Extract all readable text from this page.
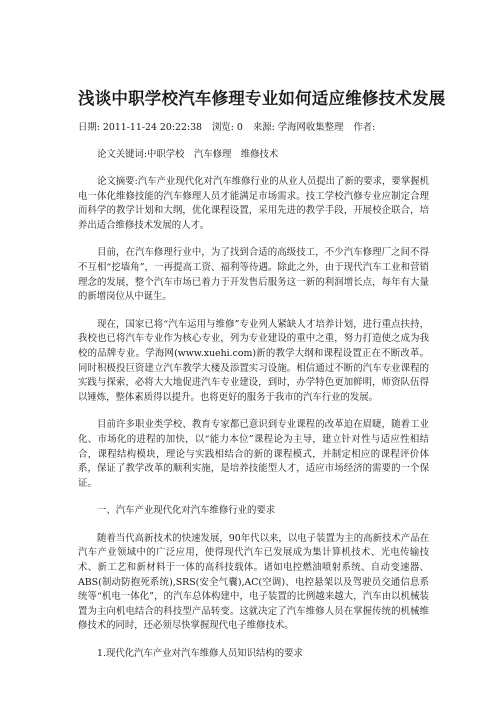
浅谈中职学校汽车修理专业如何适应维修技术发展
日期: 2011-11-24 20:22:38 浏览: 0 来源: 学海网收集整理 作者:
论文关键词:中职学校　汽车修理　维修技术

论文摘要:汽车产业现代化对汽车维修行业的从业人员提出了新的要求，要掌握机电一体化维修技能的汽车修理人员才能满足市场需求。技工学校汽修专业应制定合理而科学的教学计划和大纲，优化课程设置，采用先进的教学手段，开展校企联合，培养出适合维修技术发展的人才。

目前，在汽车修理行业中，为了找到合适的高级技工，不少汽车修理厂之间不得不互相“挖墙角”，一再提高工资、福利等待遇。除此之外，由于现代汽车工业和营销理念的发展，整个汽车市场已着力于开发售后服务这一新的利润增长点，每年有大量的新增岗位从中诞生。

现在，国家已将“汽车运用与维修”专业列人紧缺人才培养计划，进行重点扶持，我校也已将汽车专业作为核心专业，列为专业建设的重中之重，努力打造使之成为我校的品牌专业。学海网(www.xuehi.com)新的教学大纲和课程设置正在不断改革。同时积极投巨资建立汽车教学大楼及添置实习设施。相信通过不断的汽车专业课程的实践与探索，必将大大地促进汽车专业建设，到时，办学特色更加鲜明，师资队伍得以锤炼，整体素质得以提升。也将更好的服务于我市的汽车行业的发展。

目前许多职业类学校、教育专家都已意识到专业课程的改革迫在眉睫，随着工业化、市场化的进程的加快，以“能力本位”课程论为主导，建立针对性与适应性相结合，课程结构模块，理论与实践相结合的新的课程模式，并制定相应的课程评价体系，保证了教学改革的顺利实施，是培养技能型人才，适应市场经济的需要的一个保证。

一、汽车产业现代化对汽车维修行业的要求

随着当代高新技术的快速发展，90年代以来，以电子装置为主的高新技术产品在汽车产业领域中的广泛应用，使得现代汽车已发展成为集计算机技术、光电传输技术、新工艺和新材料于一体的高科技载体。诸如电控燃油喷射系统、自动变速器、ABS(制动防抱死系统),SRS(安全气囊),AC(空调)、电控悬架以及驾驶员交通信息系统等“机电一体化”，的汽车总体构建中，电子装置的比例越来越大，汽车由以机械装置为主向机电结合的科技型产品转变。这就决定了汽车维修人员在掌握传统的机械维修技术的同时，还必须尽快掌握现代电子维修技术。

1.现代化汽车产业对汽车维修人员知识结构的要求
